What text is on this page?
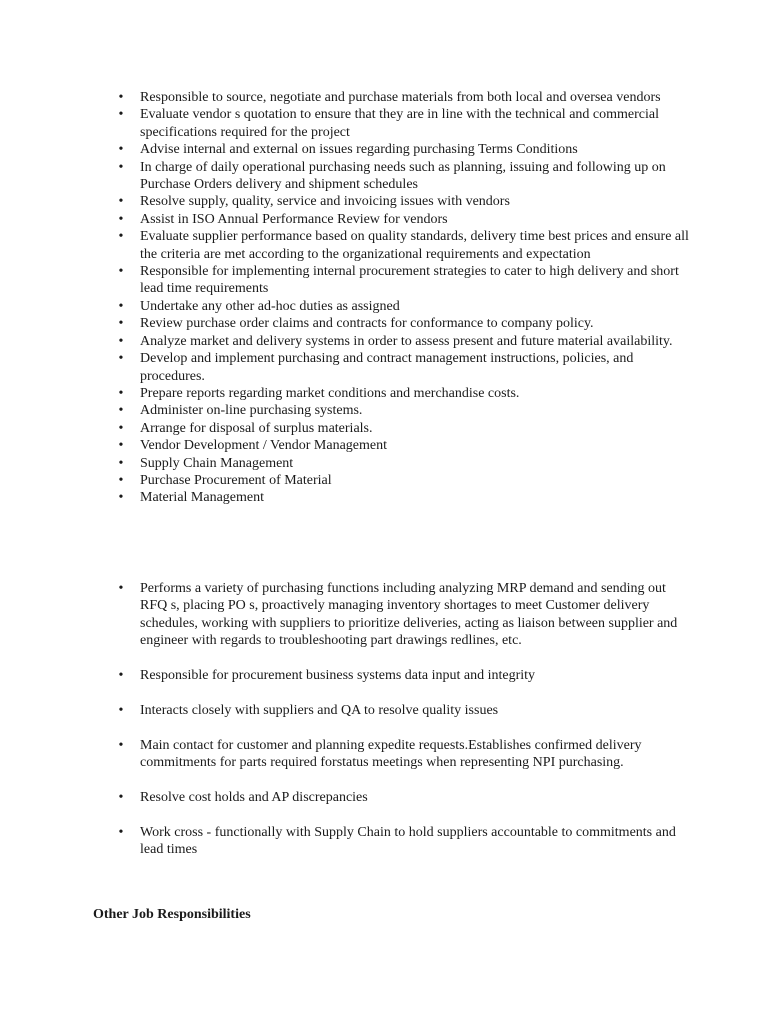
• Responsible to source, negotiate and purchase materials from both local and oversea vendors
• Evaluate vendor s quotation to ensure that they are in line with the technical and commercial specifications required for the project
• Advise internal and external on issues regarding purchasing Terms Conditions
• In charge of daily operational purchasing needs such as planning, issuing and following up on Purchase Orders delivery and shipment schedules
• Resolve supply, quality, service and invoicing issues with vendors
• Assist in ISO Annual Performance Review for vendors
• Evaluate supplier performance based on quality standards, delivery time best prices and ensure all the criteria are met according to the organizational requirements and expectation
• Responsible for implementing internal procurement strategies to cater to high delivery and short lead time requirements
• Undertake any other ad-hoc duties as assigned
• Review purchase order claims and contracts for conformance to company policy.
• Analyze market and delivery systems in order to assess present and future material availability.
• Develop and implement purchasing and contract management instructions, policies, and procedures.
• Prepare reports regarding market conditions and merchandise costs.
• Administer on-line purchasing systems.
• Arrange for disposal of surplus materials.
• Vendor Development / Vendor Management
• Supply Chain Management
• Purchase Procurement of Material
• Material Management
• Performs a variety of purchasing functions including analyzing MRP demand and sending out RFQ s, placing PO s, proactively managing inventory shortages to meet Customer delivery schedules, working with suppliers to prioritize deliveries, acting as liaison between supplier and engineer with regards to troubleshooting part drawings redlines, etc.
• Responsible for procurement business systems data input and integrity
• Interacts closely with suppliers and QA to resolve quality issues
• Main contact for customer and planning expedite requests.Establishes confirmed delivery commitments for parts required forstatus meetings when representing NPI purchasing.
• Resolve cost holds and AP discrepancies
• Work cross - functionally with Supply Chain to hold suppliers accountable to commitments and lead times
Other Job Responsibilities
